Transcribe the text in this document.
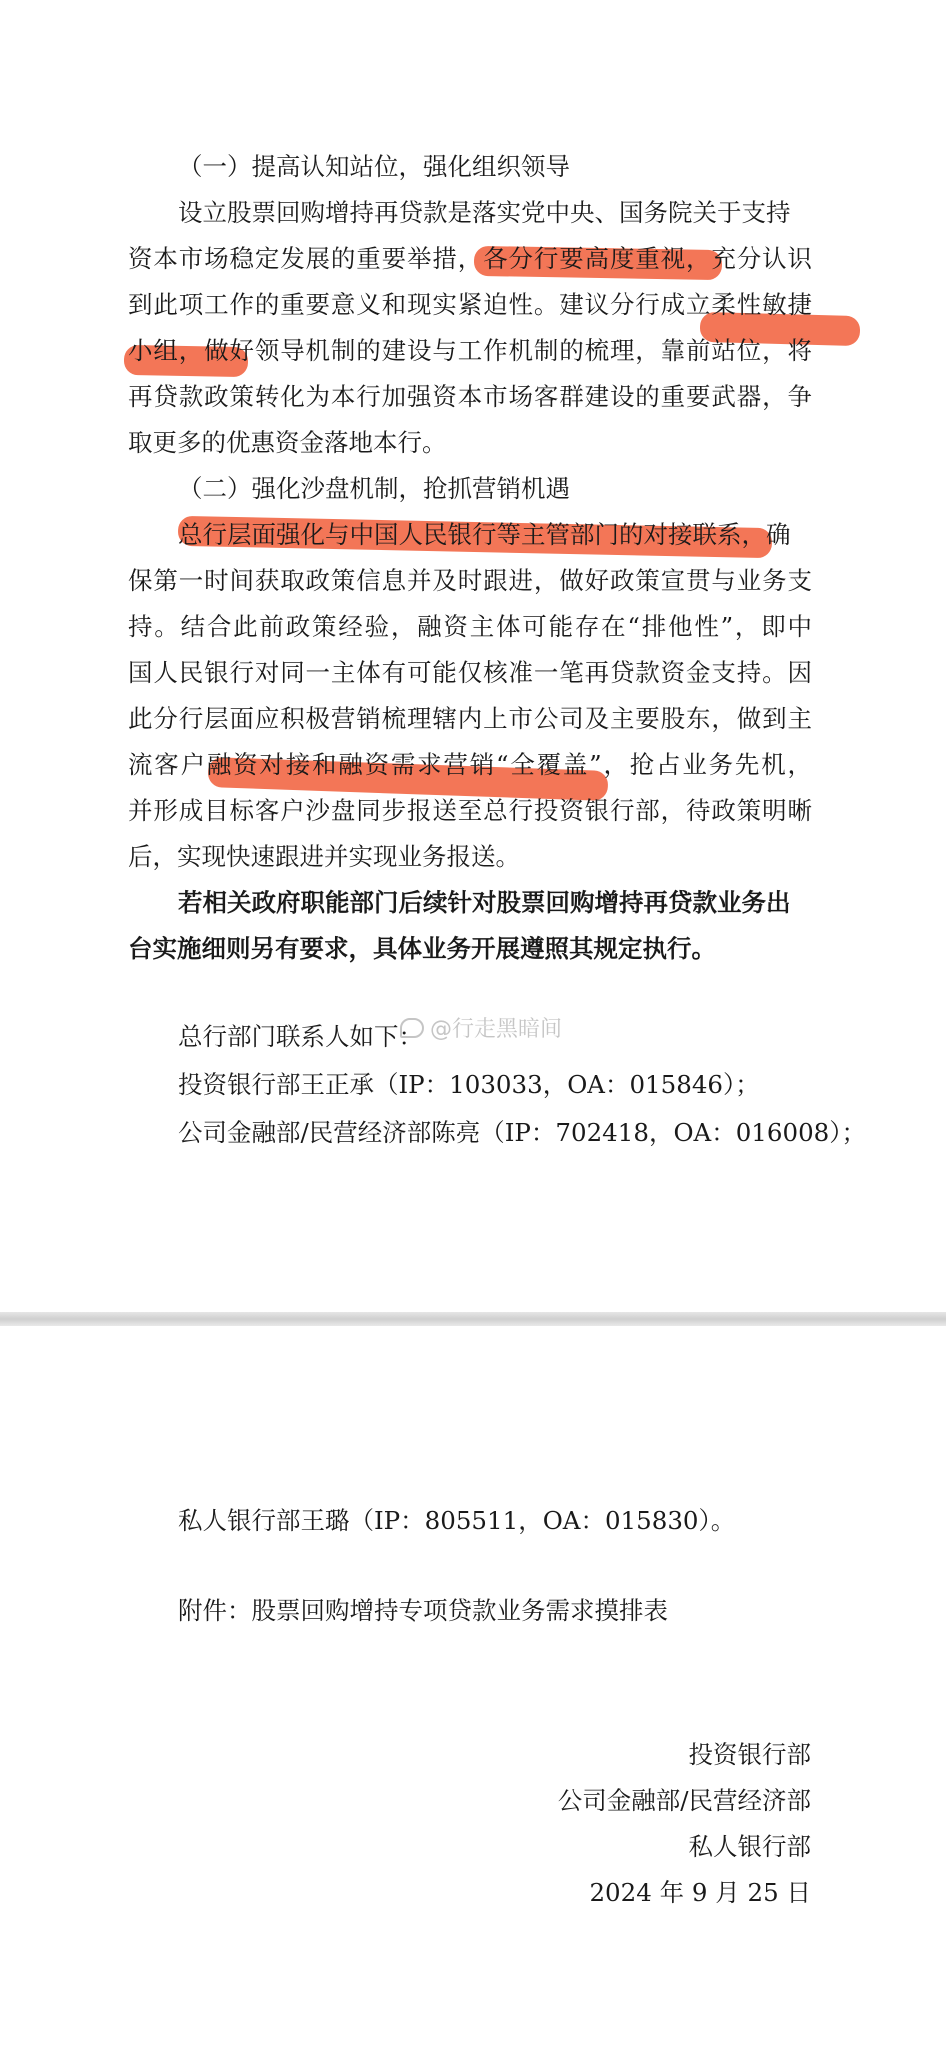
（一）提高认知站位，强化组织领导
设立股票回购增持再贷款是落实党中央、国务院关于支持
资本市场稳定发展的重要举措，各分行要高度重视，充分认识
到此项工作的重要意义和现实紧迫性。建议分行成立柔性敏捷
小组，做好领导机制的建设与工作机制的梳理，靠前站位，将
再贷款政策转化为本行加强资本市场客群建设的重要武器，争
取更多的优惠资金落地本行。
（二）强化沙盘机制，抢抓营销机遇
总行层面强化与中国人民银行等主管部门的对接联系，确
保第一时间获取政策信息并及时跟进，做好政策宣贯与业务支
持。结合此前政策经验，融资主体可能存在“排他性”，即中
国人民银行对同一主体有可能仅核准一笔再贷款资金支持。因
此分行层面应积极营销梳理辖内上市公司及主要股东，做到主
流客户融资对接和融资需求营销“全覆盖”，抢占业务先机，
并形成目标客户沙盘同步报送至总行投资银行部，待政策明晰
后，实现快速跟进并实现业务报送。
若相关政府职能部门后续针对股票回购增持再贷款业务出
台实施细则另有要求，具体业务开展遵照其规定执行。
总行部门联系人如下：
投资银行部王正承（IP：103033，OA：015846）；
公司金融部/民营经济部陈亮（IP：702418，OA：016008）；
@行走黑暗间
私人银行部王璐（IP：805511，OA：015830）。
附件：股票回购增持专项贷款业务需求摸排表
投资银行部
公司金融部/民营经济部
私人银行部
2024 年 9 月 25 日
